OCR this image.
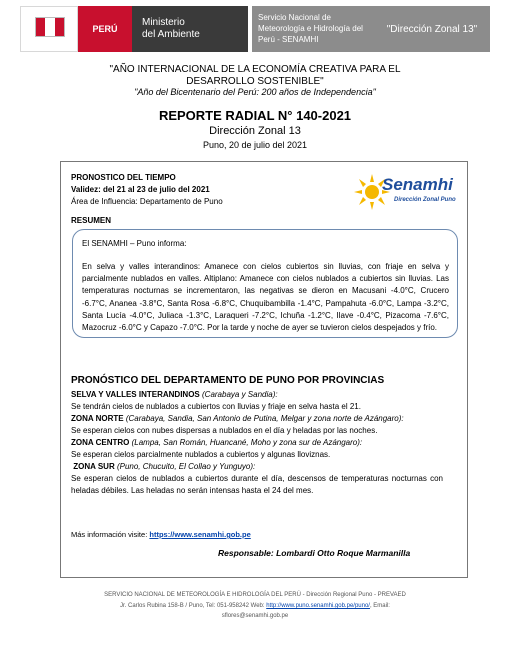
PERÚ
Ministerio
del Ambiente
Servicio Nacional de
Meteorología e Hidrología del
Perú - SENAMHI
"Dirección Zonal 13"
"AÑO INTERNACIONAL DE LA ECONOMÍA CREATIVA PARA EL
DESARROLLO SOSTENIBLE"
"Año del Bicentenario del Perú: 200 años de Independencia"
REPORTE RADIAL N° 140-2021
Dirección Zonal 13
Puno, 20 de julio del 2021
PRONOSTICO DEL TIEMPO
Validez: del 21 al 23 de julio del 2021
Área de Influencia: Departamento de Puno
Senamhi
Dirección Zonal Puno
RESUMEN
El SENAMHI – Puno informa:
En selva y valles interandinos: Amanece con cielos cubiertos sin lluvias, con friaje en selva y parcialmente nublados en valles. Altiplano: Amanece con cielos nublados a cubiertos sin lluvias. Las temperaturas nocturnas se incrementaron, las negativas se dieron en Macusani -4.0°C, Crucero -6.7°C, Ananea -3.8°C, Santa Rosa -6.8°C, Chuquibambilla -1.4°C, Pampahuta -6.0°C, Lampa -3.2°C, Santa Lucía -4.0°C, Juliaca -1.3°C, Laraqueri -7.2°C, Ichuña -1.2°C, Ilave -0.4°C, Pizacoma -7.6°C, Mazocruz -6.0°C y Capazo -7.0°C. Por la tarde y noche de ayer se tuvieron cielos despejados y frío.
PRONÓSTICO DEL DEPARTAMENTO DE PUNO POR PROVINCIAS

SELVA Y VALLES INTERANDINOS (Carabaya y Sandia):

Se tendrán cielos de nublados a cubiertos con lluvias y friaje en selva hasta el 21.

ZONA NORTE (Carabaya, Sandia, San Antonio de Putina, Melgar y zona norte de Azángaro):

Se esperan cielos con nubes dispersas a nublados en el día y heladas por las noches.

ZONA CENTRO (Lampa, San Román, Huancané, Moho y zona sur de Azángaro):

Se esperan cielos parcialmente nublados a cubiertos y algunas lloviznas.

ZONA SUR (Puno, Chucuito, El Collao y Yunguyo):

Se esperan cielos de nublados a cubiertos durante el día, descensos de temperaturas nocturnas con heladas débiles. Las heladas no serán intensas hasta el 24 del mes.

Más información visite: https://www.senamhi.gob.pe
Responsable: Lombardi Otto Roque Marmanilla
SERVICIO NACIONAL DE METEOROLOGÍA E HIDROLOGÍA DEL PERÚ - Dirección Regional Puno - PREVAED
Jr. Carlos Rubina 158-B / Puno, Tel: 051-958242 Web: http://www.puno.senamhi.gob.pe/puno/, Email:
sflores@senamhi.gob.pe
